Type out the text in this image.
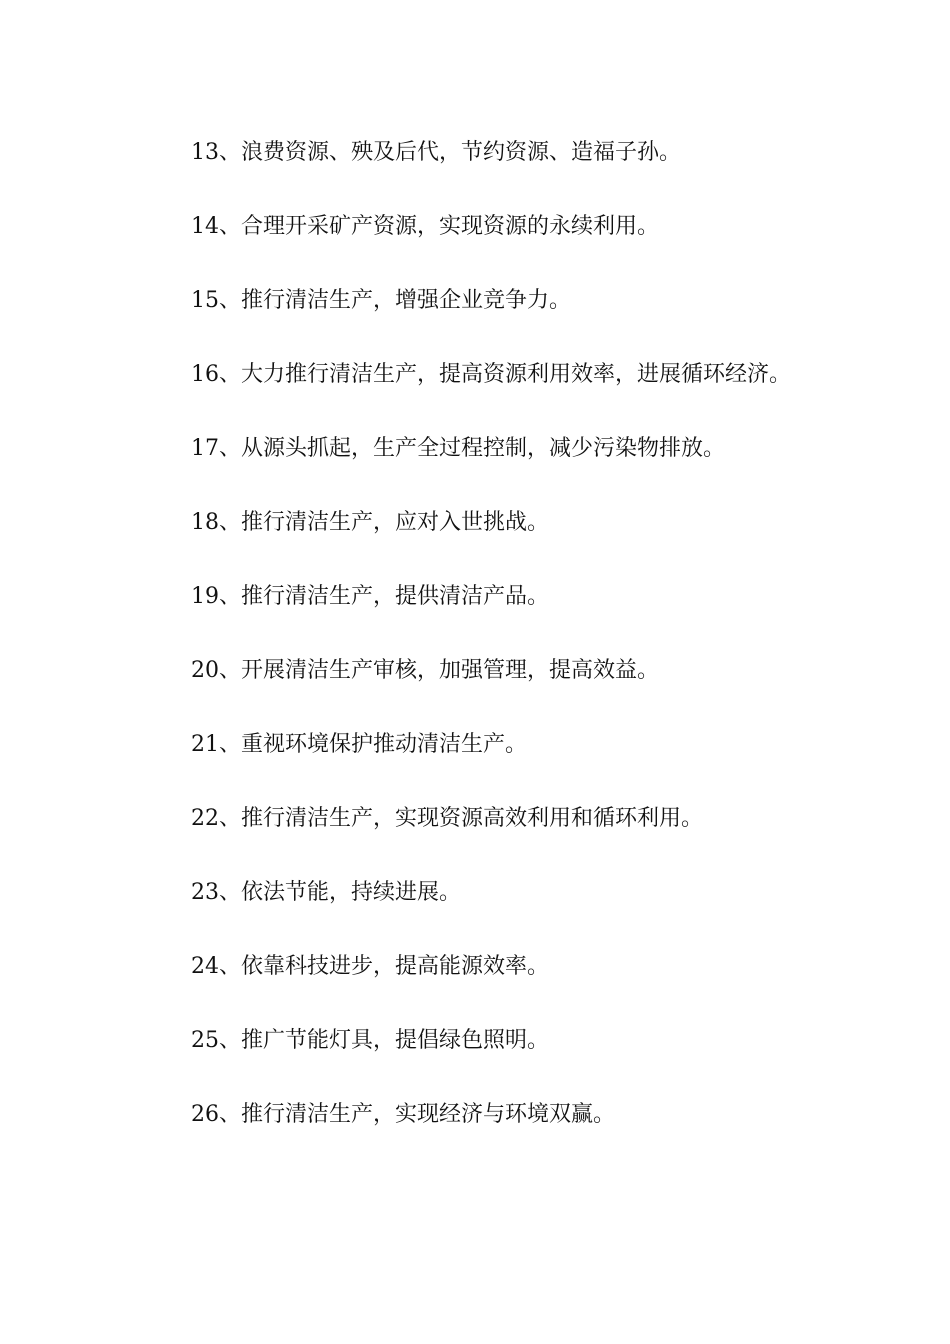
13、浪费资源、殃及后代，节约资源、造福子孙。

14、合理开采矿产资源，实现资源的永续利用。

15、推行清洁生产，增强企业竞争力。

16、大力推行清洁生产，提高资源利用效率，进展循环经济。

17、从源头抓起，生产全过程控制，减少污染物排放。

18、推行清洁生产，应对入世挑战。

19、推行清洁生产，提供清洁产品。

20、开展清洁生产审核，加强管理，提高效益。

21、重视环境保护推动清洁生产。

22、推行清洁生产，实现资源高效利用和循环利用。

23、依法节能，持续进展。

24、依靠科技进步，提高能源效率。

25、推广节能灯具，提倡绿色照明。

26、推行清洁生产，实现经济与环境双赢。
